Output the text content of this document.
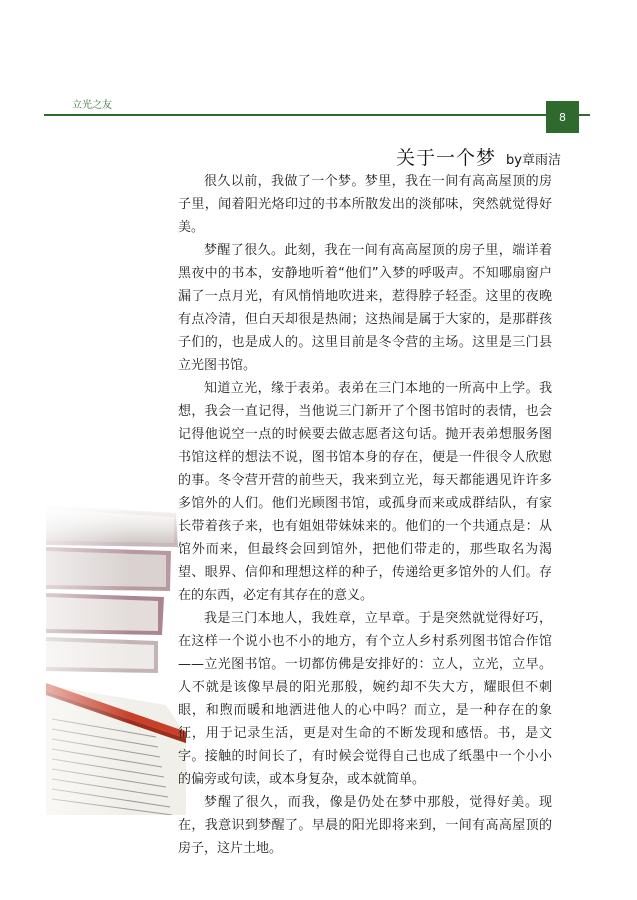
立光之友
8
关于一个梦 by章雨洁

很久以前，我做了一个梦。梦里，我在一间有高高屋顶的房子里，闻着阳光烙印过的书本所散发出的淡郁味，突然就觉得好美。

梦醒了很久。此刻，我在一间有高高屋顶的房子里，端详着黑夜中的书本，安静地听着“他们”入梦的呼吸声。不知哪扇窗户漏了一点月光，有风悄悄地吹进来，惹得脖子轻歪。这里的夜晚有点冷清，但白天却很是热闹；这热闹是属于大家的，是那群孩子们的，也是成人的。这里目前是冬令营的主场。这里是三门县立光图书馆。

知道立光，缘于表弟。表弟在三门本地的一所高中上学。我想，我会一直记得，当他说三门新开了个图书馆时的表情，也会记得他说空一点的时候要去做志愿者这句话。抛开表弟想服务图书馆这样的想法不说，图书馆本身的存在，便是一件很令人欣慰的事。冬令营开营的前些天，我来到立光，每天都能遇见许许多多馆外的人们。他们光顾图书馆，或孤身而来或成群结队，有家长带着孩子来，也有姐姐带妹妹来的。他们的一个共通点是：从馆外而来，但最终会回到馆外，把他们带走的，那些取名为渴望、眼界、信仰和理想这样的种子，传递给更多馆外的人们。存在的东西，必定有其存在的意义。

我是三门本地人，我姓章，立早章。于是突然就觉得好巧，在这样一个说小也不小的地方，有个立人乡村系列图书馆合作馆——立光图书馆。一切都仿佛是安排好的：立人，立光，立早。人不就是该像早晨的阳光那般，婉约却不失大方，耀眼但不刺眼，和煦而暖和地洒进他人的心中吗？而立，是一种存在的象征，用于记录生活，更是对生命的不断发现和感悟。书，是文字。接触的时间长了，有时候会觉得自己也成了纸墨中一个小小的偏旁或句读，或本身复杂，或本就简单。

梦醒了很久，而我，像是仍处在梦中那般，觉得好美。现在，我意识到梦醒了。早晨的阳光即将来到，一间有高高屋顶的房子，这片土地。
